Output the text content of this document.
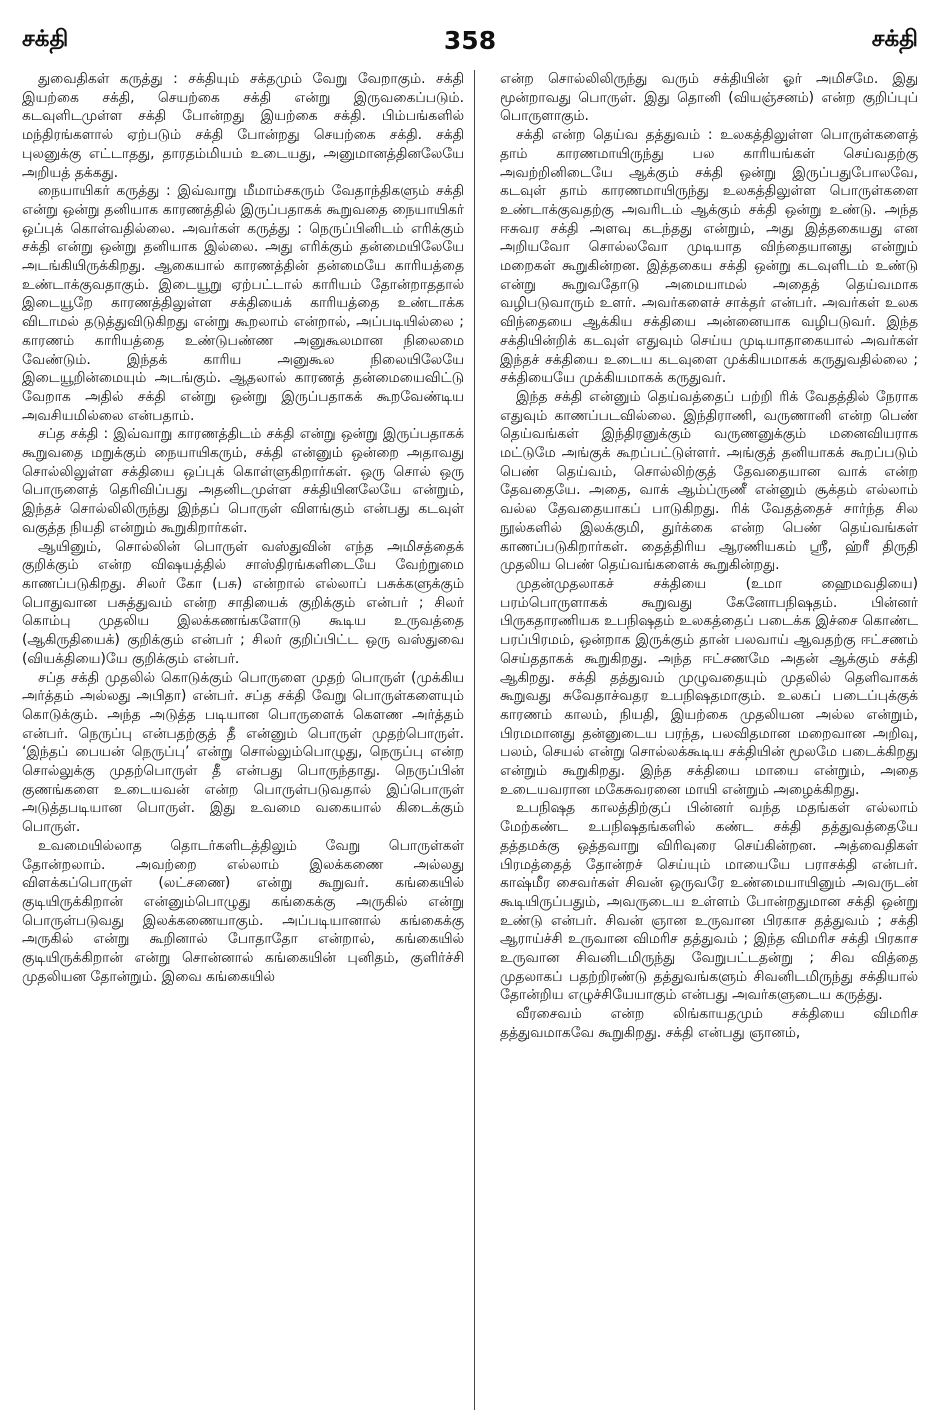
சக்தி	358	சக்தி

துவைதிகள் கருத்து : சக்தியும் சக்தமும் வேறு வேறாகும். சக்தி இயற்கை சக்தி, செயற்கை சக்தி என்று இருவகைப்படும். கடவுளிடமுள்ள சக்தி போன்றது இயற்கை சக்தி. பிம்பங்களில் மந்திரங்களால் ஏற்படும் சக்தி போன்றது செயற்கை சக்தி. சக்தி புலனுக்கு எட்டாதது, தாரதம்மியம் உடையது, அனுமானத்தினலேயே அறியத் தக்கது.

நையாயிகர் கருத்து : இவ்வாறு மீமாம்சகரும் வேதாந்திகளும் சக்தி என்று ஒன்று தனியாக காரணத்தில் இருப்பதாகக் கூறுவதை நையாயிகர் ஒப்புக் கொள்வதில்லை. அவர்கள் கருத்து : நெருப்பினிடம் எரிக்கும் சக்தி என்று ஒன்று தனியாக இல்லை. அது எரிக்கும் தன்மையிலேயே அடங்கியிருக்கிறது. ஆகையால் காரணத்தின் தன்மையே காரியத்தை உண்டாக்குவதாகும். இடையூறு ஏற்பட்டால் காரியம் தோன்றாததால் இடையூறே காரணத்திலுள்ள சக்தியைக் காரியத்தை உண்டாக்க விடாமல் தடுத்துவிடுகிறது என்று கூறலாம் என்றால், அப்படியில்லை ; காரணம் காரியத்தை உண்டுபண்ண அனுகூலமான நிலைமை வேண்டும். இந்தக் காரிய அனுகூல நிலையிலேயே இடையூறின்மையும் அடங்கும். ஆதலால் காரணத் தன்மையைவிட்டு வேறாக அதில் சக்தி என்று ஒன்று இருப்பதாகக் கூறவேண்டிய அவசியமில்லை என்பதாம்.

சப்த சக்தி : இவ்வாறு காரணத்திடம் சக்தி என்று ஒன்று இருப்பதாகக் கூறுவதை மறுக்கும் நையாயிகரும், சக்தி என்னும் ஒன்றை அதாவது சொல்லிலுள்ள சக்தியை ஒப்புக் கொள்ளுகிறார்கள். ஒரு சொல் ஒரு பொருளைத் தெரிவிப்பது அதனிடமுள்ள சக்தியினலேயே என்றும், இந்தச் சொல்லிலிருந்து இந்தப் பொருள் விளங்கும் என்பது கடவுள் வகுத்த நியதி என்றும் கூறுகிறார்கள்.

ஆயினும், சொல்லின் பொருள் வஸ்துவின் எந்த அமிசத்தைக் குறிக்கும் என்ற விஷயத்தில் சாஸ்திரங்களிடையே வேற்றுமை காணப்படுகிறது. சிலர் கோ (பசு) என்றால் எல்லாப் பசுக்களுக்கும் பொதுவான பசுத்துவம் என்ற சாதியைக் குறிக்கும் என்பர் ; சிலர் கொம்பு முதலிய இலக்கணங்களோடு கூடிய உருவத்தை (ஆகிருதியைக்) குறிக்கும் என்பர் ; சிலர் குறிப்பிட்ட ஒரு வஸ்துவை (வியக்தியை)யே குறிக்கும் என்பர்.

சப்த சக்தி முதலில் கொடுக்கும் பொருளை முதற் பொருள் (முக்கிய அர்த்தம் அல்லது அபிதா) என்பர். சப்த சக்தி வேறு பொருள்களையும் கொடுக்கும். அந்த அடுத்த படியான பொருளைக் கௌண அர்த்தம் என்பர். நெருப்பு என்பதற்குத் தீ என்னும் பொருள் முதற்பொருள். ‘இந்தப் பையன் நெருப்பு’ என்று சொல்லும்பொழுது, நெருப்பு என்ற சொல்லுக்கு முதற்பொருள் தீ என்பது பொருந்தாது. நெருப்பின் குணங்களை உடையவன் என்ற பொருள்படுவதால் இப்பொருள் அடுத்தபடியான பொருள். இது உவமை வகையால் கிடைக்கும் பொருள்.

உவமையில்லாத தொடர்களிடத்திலும் வேறு பொருள்கள் தோன்றலாம். அவற்றை எல்லாம் இலக்கணை அல்லது விளக்கப்பொருள் (லட்சணை) என்று கூறுவர். கங்கையில் குடியிருக்கிறான் என்னும்பொழுது கங்கைக்கு அருகில் என்று பொருள்படுவது இலக்கணையாகும். அப்படியானால் கங்கைக்கு அருகில் என்று கூறினால் போதாதோ என்றால், கங்கையில் குடியிருக்கிறான் என்று சொன்னால் கங்கையின் புனிதம், குளிர்ச்சி முதலியன தோன்றும். இவை கங்கையில்

என்ற சொல்லிலிருந்து வரும் சக்தியின் ஓர் அமிசமே. இது மூன்றாவது பொருள். இது தொனி (வியஞ்சனம்) என்ற குறிப்புப் பொருளாகும்.

சக்தி என்ற தெய்வ தத்துவம் : உலகத்திலுள்ள பொருள்களைத் தாம் காரணமாயிருந்து பல காரியங்கள் செய்வதற்கு அவற்றினிடையே ஆக்கும் சக்தி ஒன்று இருப்பதுபோலவே, கடவுள் தாம் காரணமாயிருந்து உலகத்திலுள்ள பொருள்களை உண்டாக்குவதற்கு அவரிடம் ஆக்கும் சக்தி ஒன்று உண்டு. அந்த ஈசுவர சக்தி அளவு கடந்தது என்றும், அது இத்தகையது என அறியவோ சொல்லவோ முடியாத விந்தையானது என்றும் மறைகள் கூறுகின்றன. இத்தகைய சக்தி ஒன்று கடவுளிடம் உண்டு என்று கூறுவதோடு அமையாமல் அதைத் தெய்வமாக வழிபடுவாரும் உளர். அவர்களைச் சாக்தர் என்பர். அவர்கள் உலக விந்தையை ஆக்கிய சக்தியை அன்னையாக வழிபடுவர். இந்த சக்தியின்றிக் கடவுள் எதுவும் செய்ய முடியாதாகையால் அவர்கள் இந்தச் சக்தியை உடைய கடவுளை முக்கியமாகக் கருதுவதில்லை ; சக்தியையே முக்கியமாகக் கருதுவர்.

இந்த சக்தி என்னும் தெய்வத்தைப் பற்றி ரிக் வேதத்தில் நேராக எதுவும் காணப்படவில்லை. இந்திராணி, வருணானி என்ற பெண் தெய்வங்கள் இந்திரனுக்கும் வருணனுக்கும் மனைவியராக மட்டுமே அங்குக் கூறப்பட்டுள்ளர். அங்குத் தனியாகக் கூறப்படும் பெண் தெய்வம், சொல்லிற்குத் தேவதையான வாக் என்ற தேவதையே. அதை, வாக் ஆம்ப்ருணீ என்னும் சூக்தம் எல்லாம் வல்ல தேவதையாகப் பாடுகிறது. ரிக் வேதத்தைச் சார்ந்த சில நூல்களில் இலக்குமி, துர்க்கை என்ற பெண் தெய்வங்கள் காணப்படுகிறார்கள். தைத்திரிய ஆரணியகம் ஸ்ரீ, ஹ்ரீ திருதி முதலிய பெண் தெய்வங்களைக் கூறுகின்றது.

முதன்முதலாகச் சக்தியை (உமா ஹைமவதியை) பரம்பொருளாகக் கூறுவது கேனோபநிஷதம். பின்னர் பிருகதாரணியக உபநிஷதம் உலகத்தைப் படைக்க இச்சை கொண்ட பரப்பிரமம், ஒன்றாக இருக்கும் தான் பலவாய் ஆவதற்கு ஈட்சணம் செய்ததாகக் கூறுகிறது. அந்த ஈட்சணமே அதன் ஆக்கும் சக்தி ஆகிறது. சக்தி தத்துவம் முழுவதையும் முதலில் தெளிவாகக் கூறுவது சுவேதாச்வதர உபநிஷதமாகும். உலகப் படைப்புக்குக் காரணம் காலம், நியதி, இயற்கை முதலியன அல்ல என்றும், பிரமமானது தன்னுடைய பரந்த, பலவிதமான மறைவான அறிவு, பலம், செயல் என்று சொல்லக்கூடிய சக்தியின் மூலமே படைக்கிறது என்றும் கூறுகிறது. இந்த சக்தியை மாயை என்றும், அதை உடையவரான மகேசுவரனை மாயி என்றும் அழைக்கிறது.

உபநிஷத காலத்திற்குப் பின்னர் வந்த மதங்கள் எல்லாம் மேற்கண்ட உபநிஷதங்களில் கண்ட சக்தி தத்துவத்தையே தத்தமக்கு ஒத்தவாறு விரிவுரை செய்கின்றன. அத்வைதிகள் பிரமத்தைத் தோன்றச் செய்யும் மாயையே பராசக்தி என்பர். காஷ்மீர சைவர்கள் சிவன் ஒருவரே உண்மையாயினும் அவருடன் கூடியிருப்பதும், அவருடைய உள்ளம் போன்றதுமான சக்தி ஒன்று உண்டு என்பர். சிவன் ஞான உருவான பிரகாச தத்துவம் ; சக்தி ஆராய்ச்சி உருவான விமரிச தத்துவம் ; இந்த விமரிச சக்தி பிரகாச உருவான சிவனிடமிருந்து வேறுபட்டதன்று ; சிவ வித்தை முதலாகப் பதற்றிரண்டு தத்துவங்களும் சிவனிடமிருந்து சக்தியால் தோன்றிய எழுச்சியேயாகும் என்பது அவர்களுடைய கருத்து.

வீரசைவம் என்ற லிங்காயதமும் சக்தியை விமரிச தத்துவமாகவே கூறுகிறது. சக்தி என்பது ஞானம்,
